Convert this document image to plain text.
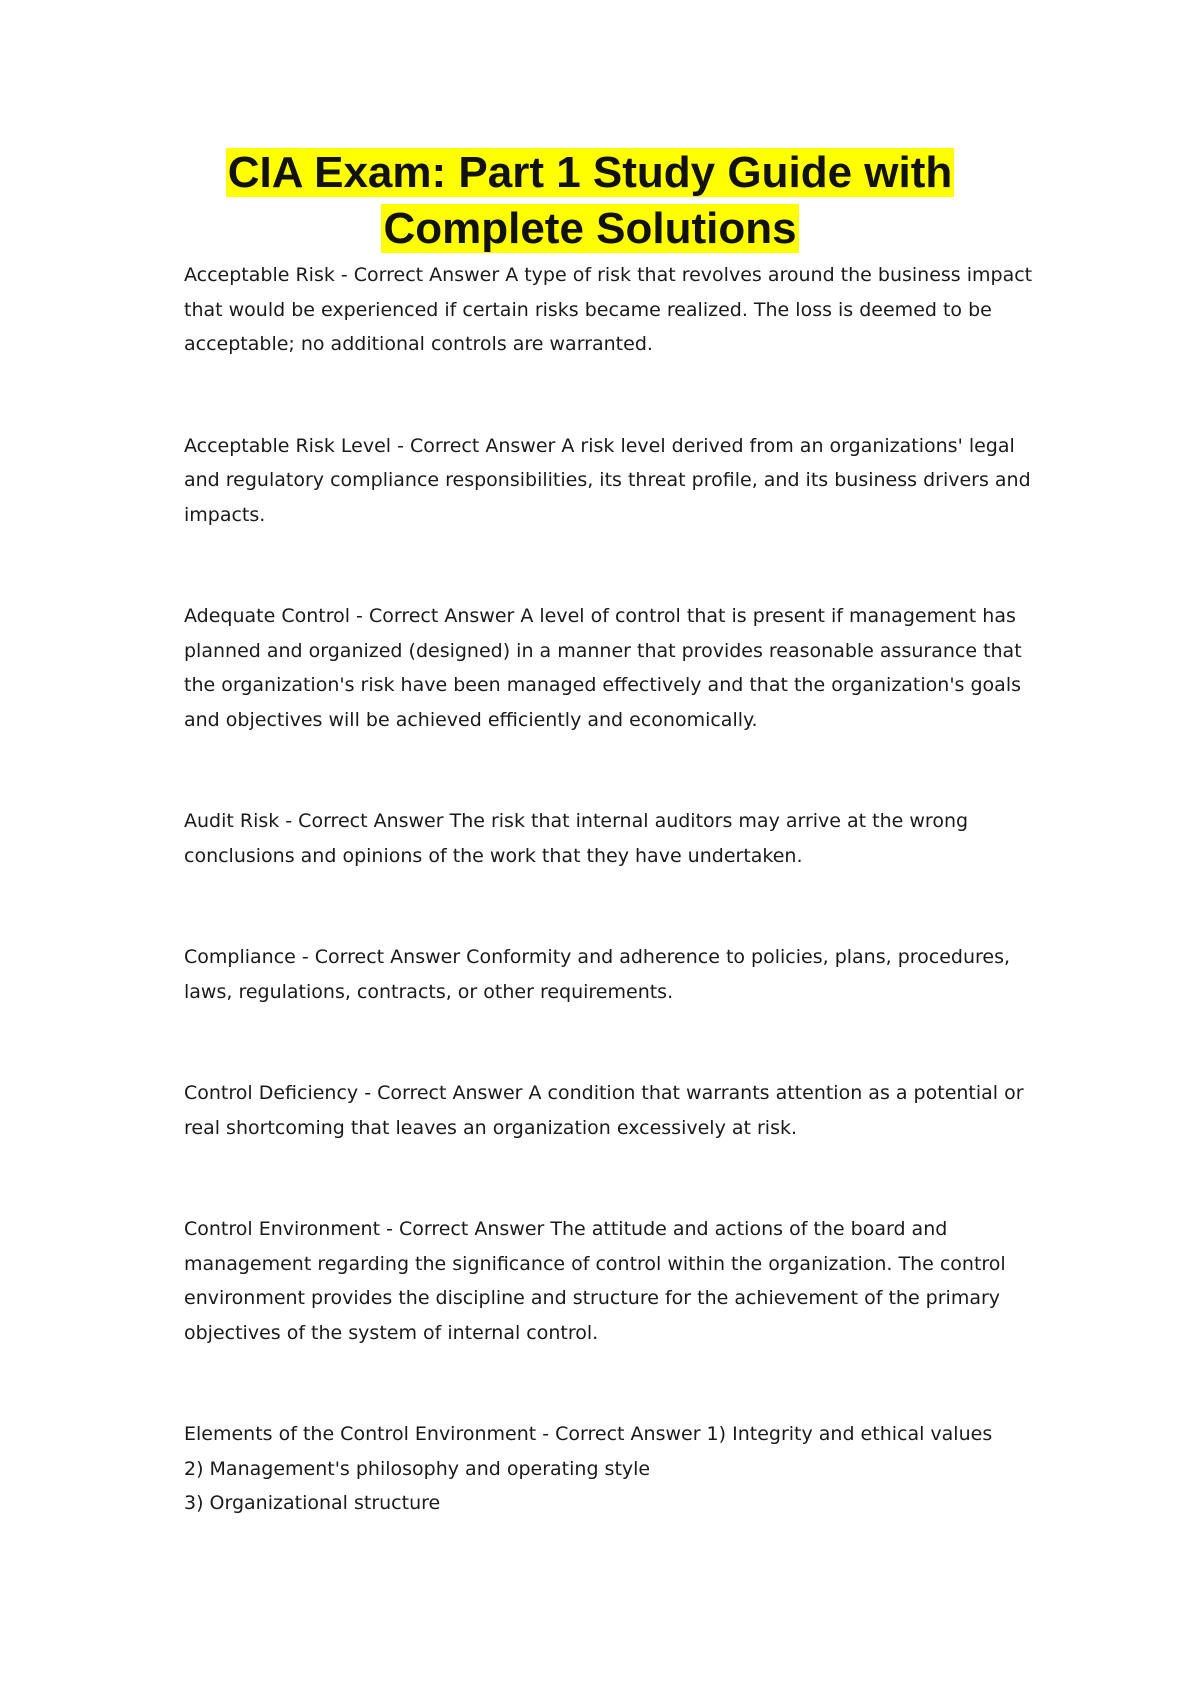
CIA Exam: Part 1 Study Guide with
Complete Solutions

Acceptable Risk - Correct Answer A type of risk that revolves around the business impact that would be experienced if certain risks became realized. The loss is deemed to be acceptable; no additional controls are warranted.

Acceptable Risk Level - Correct Answer A risk level derived from an organizations' legal and regulatory compliance responsibilities, its threat profile, and its business drivers and impacts.

Adequate Control - Correct Answer A level of control that is present if management has planned and organized (designed) in a manner that provides reasonable assurance that the organization's risk have been managed effectively and that the organization's goals and objectives will be achieved efficiently and economically.

Audit Risk - Correct Answer The risk that internal auditors may arrive at the wrong conclusions and opinions of the work that they have undertaken.

Compliance - Correct Answer Conformity and adherence to policies, plans, procedures, laws, regulations, contracts, or other requirements.

Control Deficiency - Correct Answer A condition that warrants attention as a potential or real shortcoming that leaves an organization excessively at risk.

Control Environment - Correct Answer The attitude and actions of the board and management regarding the significance of control within the organization. The control environment provides the discipline and structure for the achievement of the primary objectives of the system of internal control.

Elements of the Control Environment - Correct Answer 1) Integrity and ethical values

2) Management's philosophy and operating style

3) Organizational structure
